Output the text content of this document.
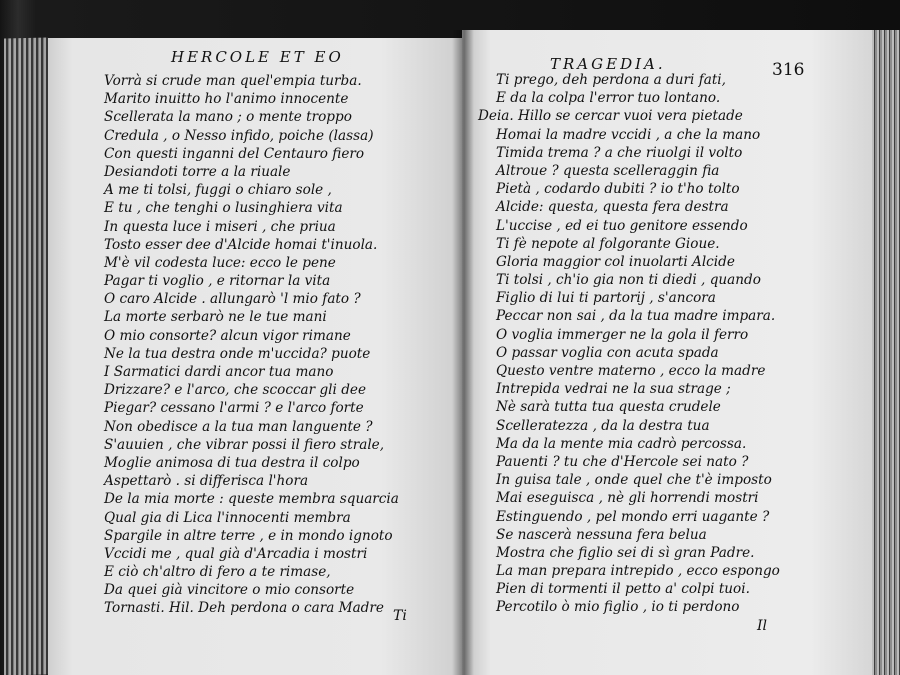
HERCOLE ET EO
Vorrà si crude man quel'empia turba.
Marito inuitto ho l'animo innocente
Scellerata la mano ; o mente troppo
Credula , o Nesso infido, poiche (lassa)
Con questi inganni del Centauro fiero
Desiandoti torre a la riuale
A me ti tolsi, fuggi o chiaro sole ,
E tu , che tenghi o lusinghiera vita
In questa luce i miseri , che priua
Tosto esser dee d'Alcide homai t'inuola.
M'è vil codesta luce: ecco le pene
Pagar ti voglio , e ritornar la vita
O caro Alcide . allungarò 'l mio fato ?
La morte serbarò ne le tue mani
O mio consorte? alcun vigor rimane
Ne la tua destra onde m'uccida? puote
I Sarmatici dardi ancor tua mano
Drizzare? e l'arco, che scoccar gli dee
Piegar? cessano l'armi ? e l'arco forte
Non obedisce a la tua man languente ?
S'auuien , che vibrar possi il fiero strale,
Moglie animosa di tua destra il colpo
Aspettarò . si differisca l'hora
De la mia morte : queste membra squarcia
Qual gia di Lica l'innocenti membra
Spargile in altre terre , e in mondo ignoto
Vccidi me , qual già d'Arcadia i mostri
E ciò ch'altro di fero a te rimase,
Da quei già vincitore o mio consorte
Tornasti. Hil. Deh perdona o cara Madre Ti
TRAGEDIA.	316
Ti prego, deh perdona a duri fati,
E da la colpa l'error tuo lontano.
Deia. Hillo se cercar vuoi vera pietade
Homai la madre vccidi , a che la mano
Timida trema ? a che riuolgi il volto
Altroue ? questa scelleraggin fia
Pietà , codardo dubiti ? io t'ho tolto
Alcide: questa, questa fera destra
L'uccise , ed ei tuo genitore essendo
Ti fè nepote al folgorante Gioue.
Gloria maggior col inuolarti Alcide
Ti tolsi , ch'io gia non ti diedi , quando
Figlio di lui ti partorij , s'ancora
Peccar non sai , da la tua madre impara.
O voglia immerger ne la gola il ferro
O passar voglia con acuta spada
Questo ventre materno , ecco la madre
Intrepida vedrai ne la sua strage ;
Nè sarà tutta tua questa crudele
Scelleratezza , da la destra tua
Ma da la mente mia cadrò percossa.
Pauenti ? tu che d'Hercole sei nato ?
In guisa tale , onde quel che t'è imposto
Mai eseguisca , nè gli horrendi mostri
Estinguendo , pel mondo erri uagante ?
Se nascerà nessuna fera belua
Mostra che figlio sei di sì gran Padre.
La man prepara intrepido , ecco espongo
Pien di tormenti il petto a' colpi tuoi.
Percotilo ò mio figlio , io ti perdono
Il
